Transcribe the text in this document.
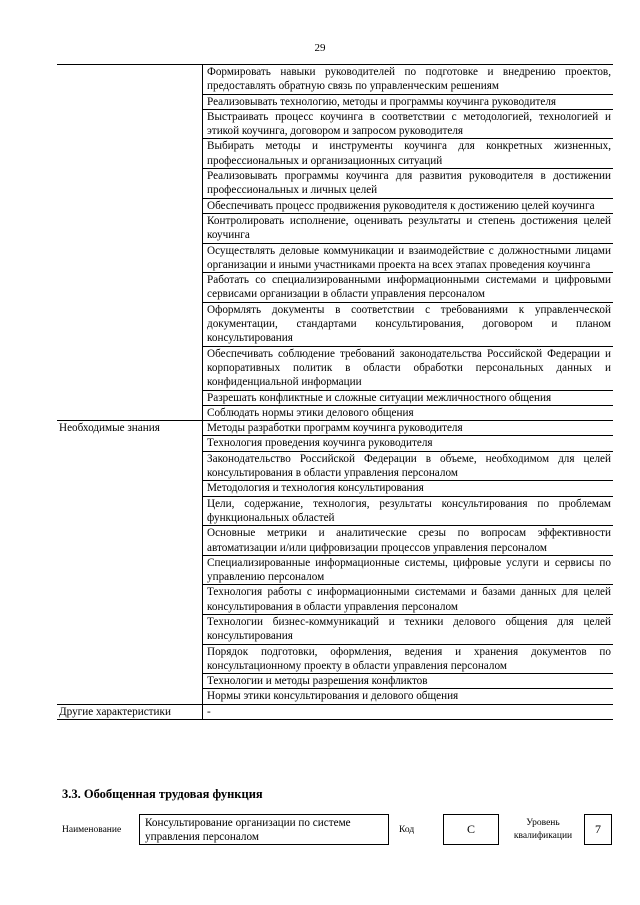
29
	Формировать навыки руководителей по подготовке и внедрению проектов, предоставлять обратную связь по управленческим решениям
	Реализовывать технологию, методы и программы коучинга руководителя
	Выстраивать процесс коучинга в соответствии с методологией, технологией и этикой коучинга, договором и запросом руководителя
	Выбирать методы и инструменты коучинга для конкретных жизненных, профессиональных и организационных ситуаций
	Реализовывать программы коучинга для развития руководителя в достижении профессиональных и личных целей
	Обеспечивать процесс продвижения руководителя к достижению целей коучинга
	Контролировать исполнение, оценивать результаты и степень достижения целей коучинга
	Осуществлять деловые коммуникации и взаимодействие с должностными лицами организации и иными участниками проекта на всех этапах проведения коучинга
	Работать со специализированными информационными системами и цифровыми сервисами организации в области управления персоналом
	Оформлять документы в соответствии с требованиями к управленческой документации, стандартами консультирования, договором и планом консультирования
	Обеспечивать соблюдение требований законодательства Российской Федерации и корпоративных политик в области обработки персональных данных и конфиденциальной информации
	Разрешать конфликтные и сложные ситуации межличностного общения
	Соблюдать нормы этики делового общения
Необходимые знания	Методы разработки программ коучинга руководителя
	Технология проведения коучинга руководителя
	Законодательство Российской Федерации в объеме, необходимом для целей консультирования в области управления персоналом
	Методология и технология консультирования
	Цели, содержание, технология, результаты консультирования по проблемам функциональных областей
	Основные метрики и аналитические срезы по вопросам эффективности автоматизации и/или цифровизации процессов управления персоналом
	Специализированные информационные системы, цифровые услуги и сервисы по управлению персоналом
	Технология работы с информационными системами и базами данных для целей консультирования в области управления персоналом
	Технологии бизнес-коммуникаций и техники делового общения для целей консультирования
	Порядок подготовки, оформления, ведения и хранения документов по консультационному проекту в области управления персоналом
	Технологии и методы разрешения конфликтов
	Нормы этики консультирования и делового общения
Другие характеристики	-
3.3. Обобщенная трудовая функция
Наименование
Консультирование организации по системе управления персоналом
Код	С	Уровень квалификации	7
